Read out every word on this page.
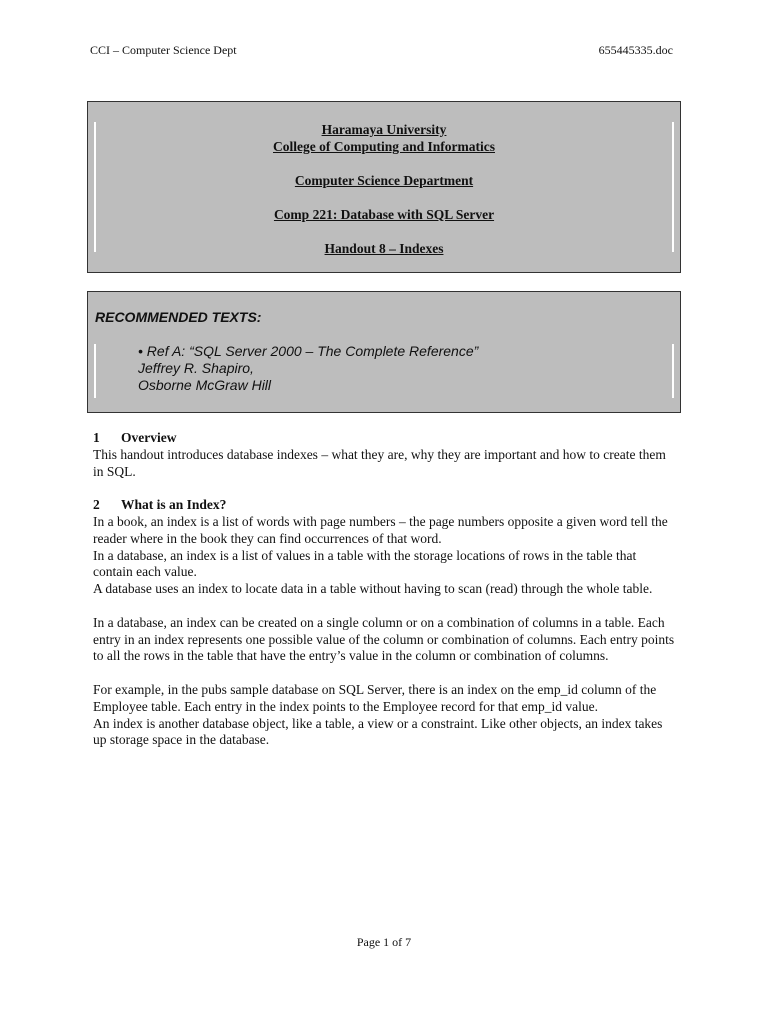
CCI – Computer Science Dept	655445335.doc
Haramaya University
College of Computing and Informatics
Computer Science Department
Comp 221: Database with SQL Server
Handout 8 – Indexes
RECOMMENDED TEXTS:
• Ref A: “SQL Server 2000 – The Complete Reference”
Jeffrey R. Shapiro,
Osborne McGraw Hill

1 Overview

This handout introduces database indexes – what they are, why they are important and how to create them in SQL.

2 What is an Index?

In a book, an index is a list of words with page numbers – the page numbers opposite a given word tell the reader where in the book they can find occurrences of that word.

In a database, an index is a list of values in a table with the storage locations of rows in the table that contain each value.

A database uses an index to locate data in a table without having to scan (read) through the whole table.

In a database, an index can be created on a single column or on a combination of columns in a table. Each entry in an index represents one possible value of the column or combination of columns. Each entry points to all the rows in the table that have the entry’s value in the column or combination of columns.

For example, in the pubs sample database on SQL Server, there is an index on the emp_id column of the Employee table. Each entry in the index points to the Employee record for that emp_id value.

An index is another database object, like a table, a view or a constraint. Like other objects, an index takes up storage space in the database.

Page 1 of 7
